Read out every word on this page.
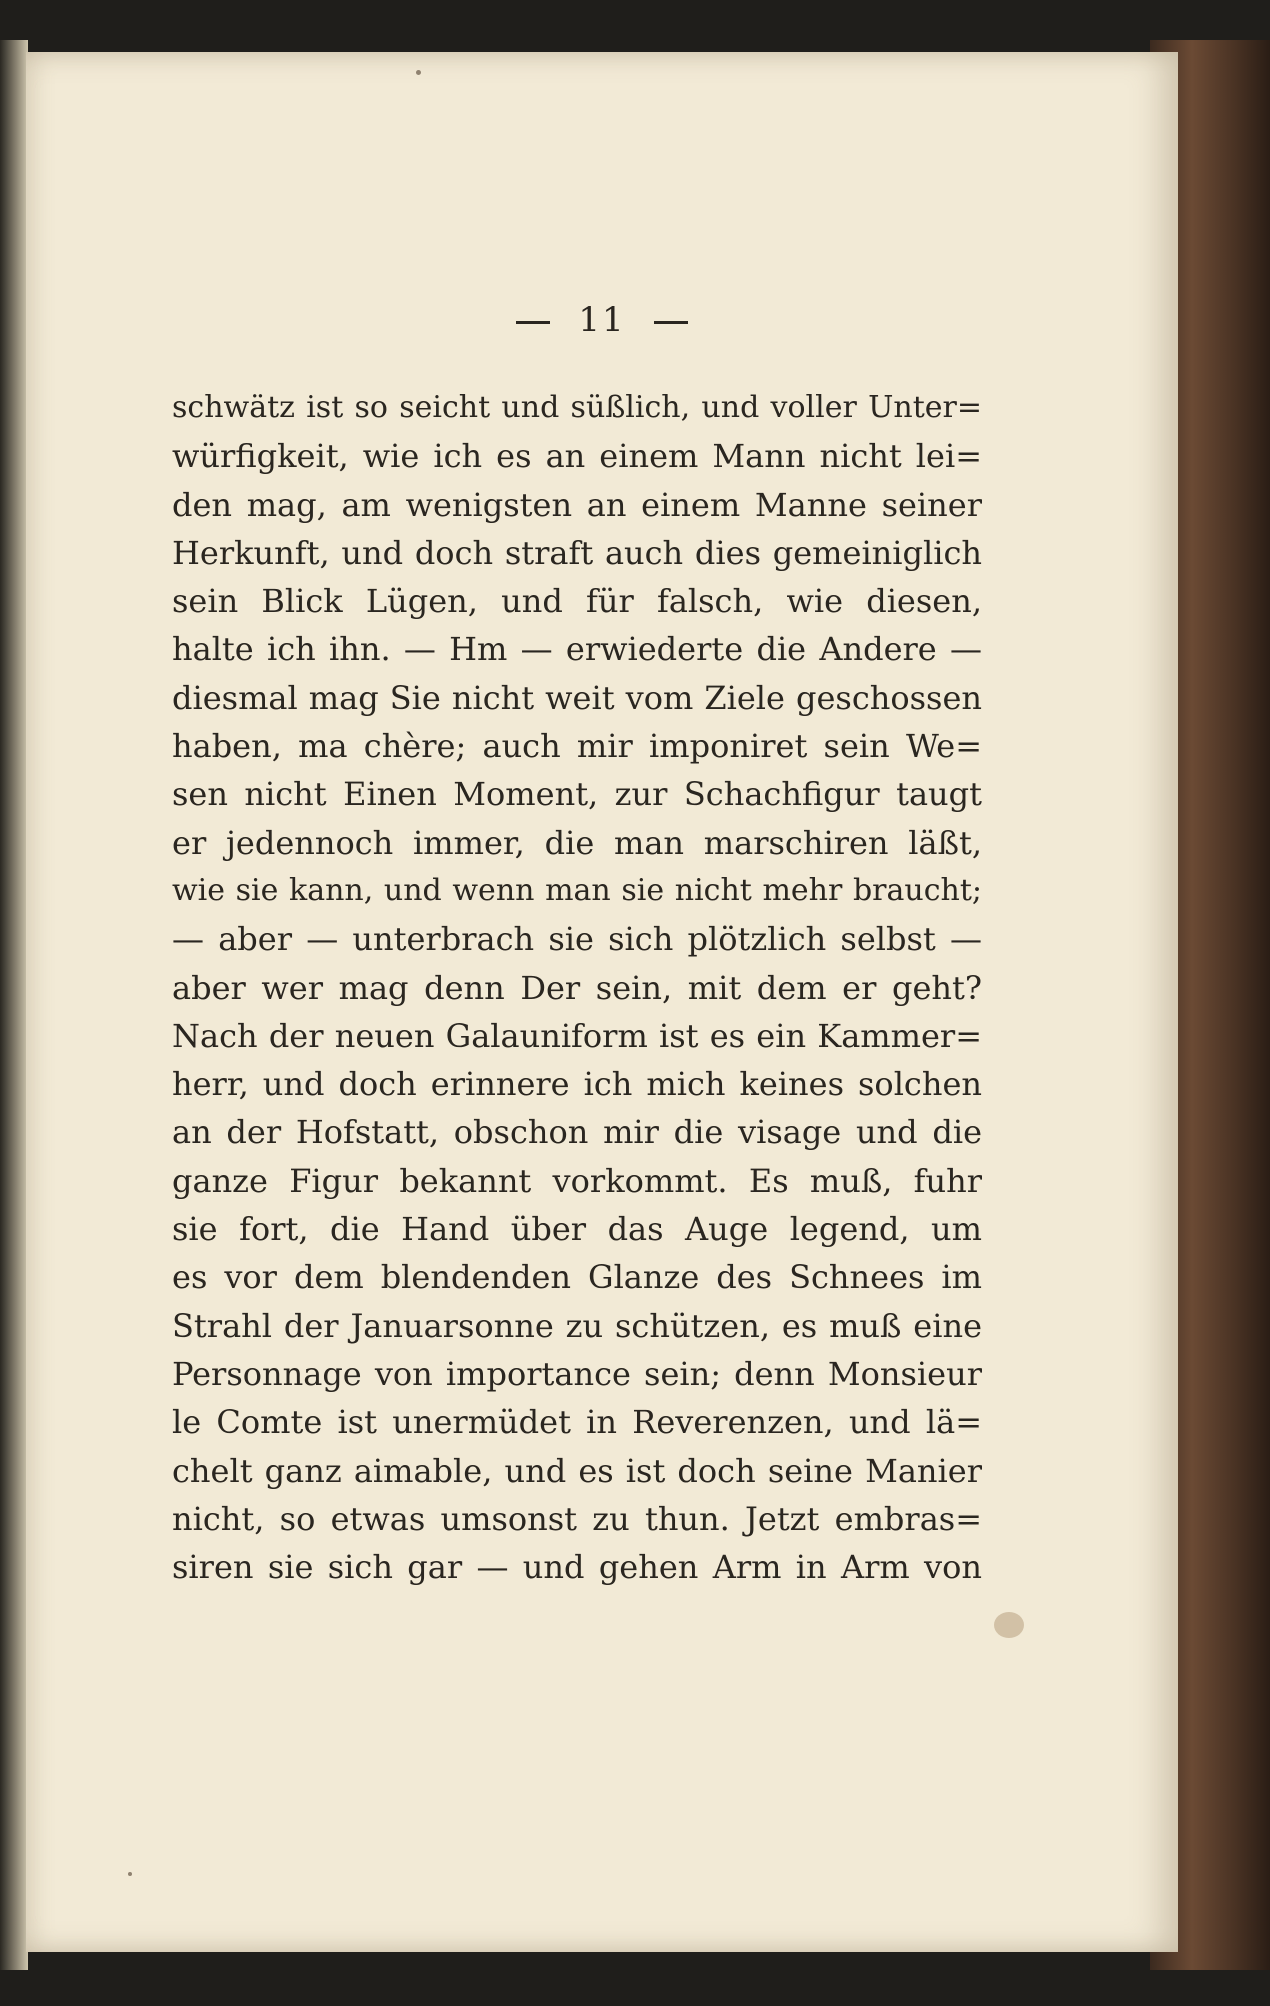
11
schwätz ist so seicht und süßlich, und voller Unter=
würfigkeit, wie ich es an einem Mann nicht lei=
den mag, am wenigsten an einem Manne seiner
Herkunft, und doch straft auch dies gemeiniglich
sein Blick Lügen, und für falsch, wie diesen,
halte ich ihn. — Hm — erwiederte die Andere —
diesmal mag Sie nicht weit vom Ziele geschossen
haben, ma chère; auch mir imponiret sein We=
sen nicht Einen Moment, zur Schachfigur taugt
er jedennoch immer, die man marschiren läßt,
wie sie kann, und wenn man sie nicht mehr braucht;
— aber — unterbrach sie sich plötzlich selbst —
aber wer mag denn Der sein, mit dem er geht?
Nach der neuen Galauniform ist es ein Kammer=
herr, und doch erinnere ich mich keines solchen
an der Hofstatt, obschon mir die visage und die
ganze Figur bekannt vorkommt. Es muß, fuhr
sie fort, die Hand über das Auge legend, um
es vor dem blendenden Glanze des Schnees im
Strahl der Januarsonne zu schützen, es muß eine
Personnage von importance sein; denn Monsieur
le Comte ist unermüdet in Reverenzen, und lä=
chelt ganz aimable, und es ist doch seine Manier
nicht, so etwas umsonst zu thun. Jetzt embras=
siren sie sich gar — und gehen Arm in Arm von
